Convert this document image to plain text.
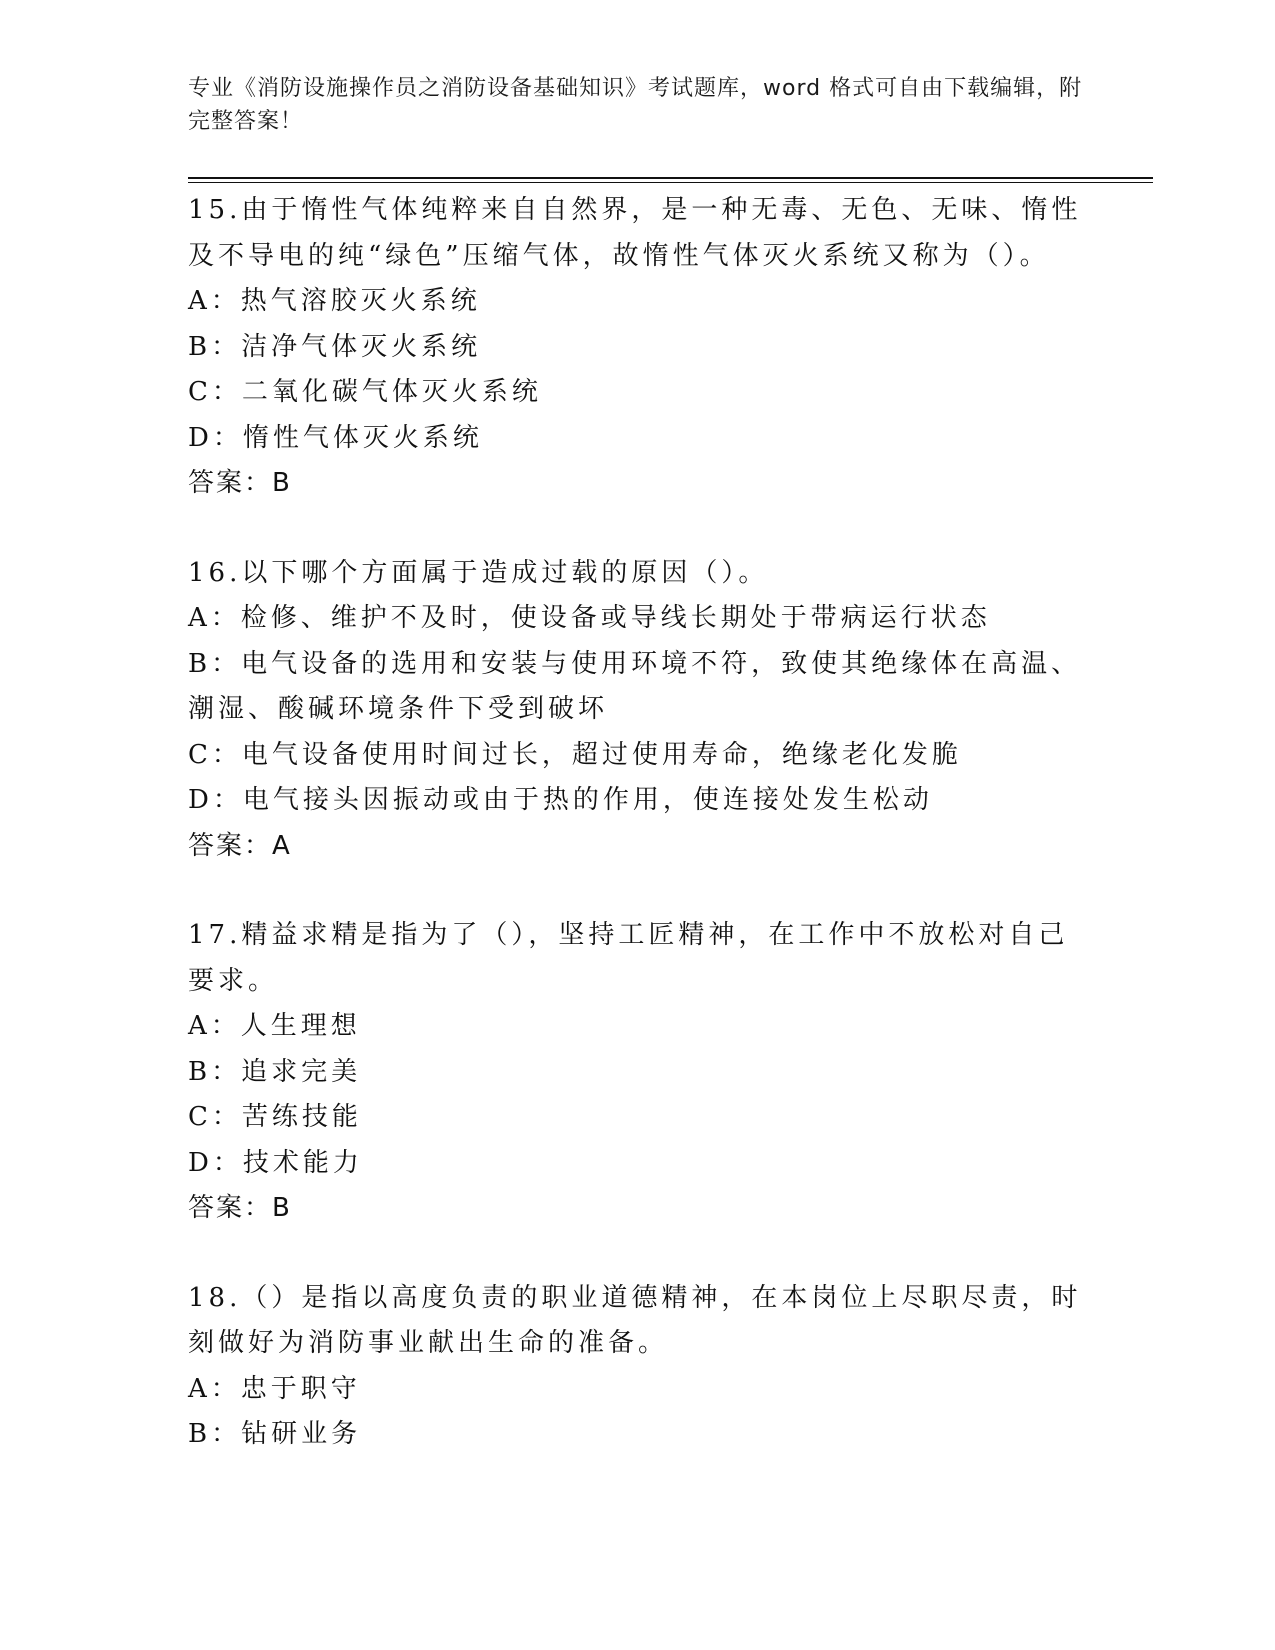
专业《消防设施操作员之消防设备基础知识》考试题库，word 格式可自由下载编辑，附完整答案！
15.由于惰性气体纯粹来自自然界，是一种无毒、无色、无味、惰性及不导电的纯“绿色”压缩气体，故惰性气体灭火系统又称为（）。
A：热气溶胶灭火系统
B：洁净气体灭火系统
C：二氧化碳气体灭火系统
D：惰性气体灭火系统
答案：B
16.以下哪个方面属于造成过载的原因（）。
A：检修、维护不及时，使设备或导线长期处于带病运行状态
B：电气设备的选用和安装与使用环境不符，致使其绝缘体在高温、潮湿、酸碱环境条件下受到破坏
C：电气设备使用时间过长，超过使用寿命，绝缘老化发脆
D：电气接头因振动或由于热的作用，使连接处发生松动
答案：A
17.精益求精是指为了（），坚持工匠精神，在工作中不放松对自己要求。
A：人生理想
B：追求完美
C：苦练技能
D：技术能力
答案：B
18.（）是指以高度负责的职业道德精神，在本岗位上尽职尽责，时刻做好为消防事业献出生命的准备。
A：忠于职守
B：钻研业务
